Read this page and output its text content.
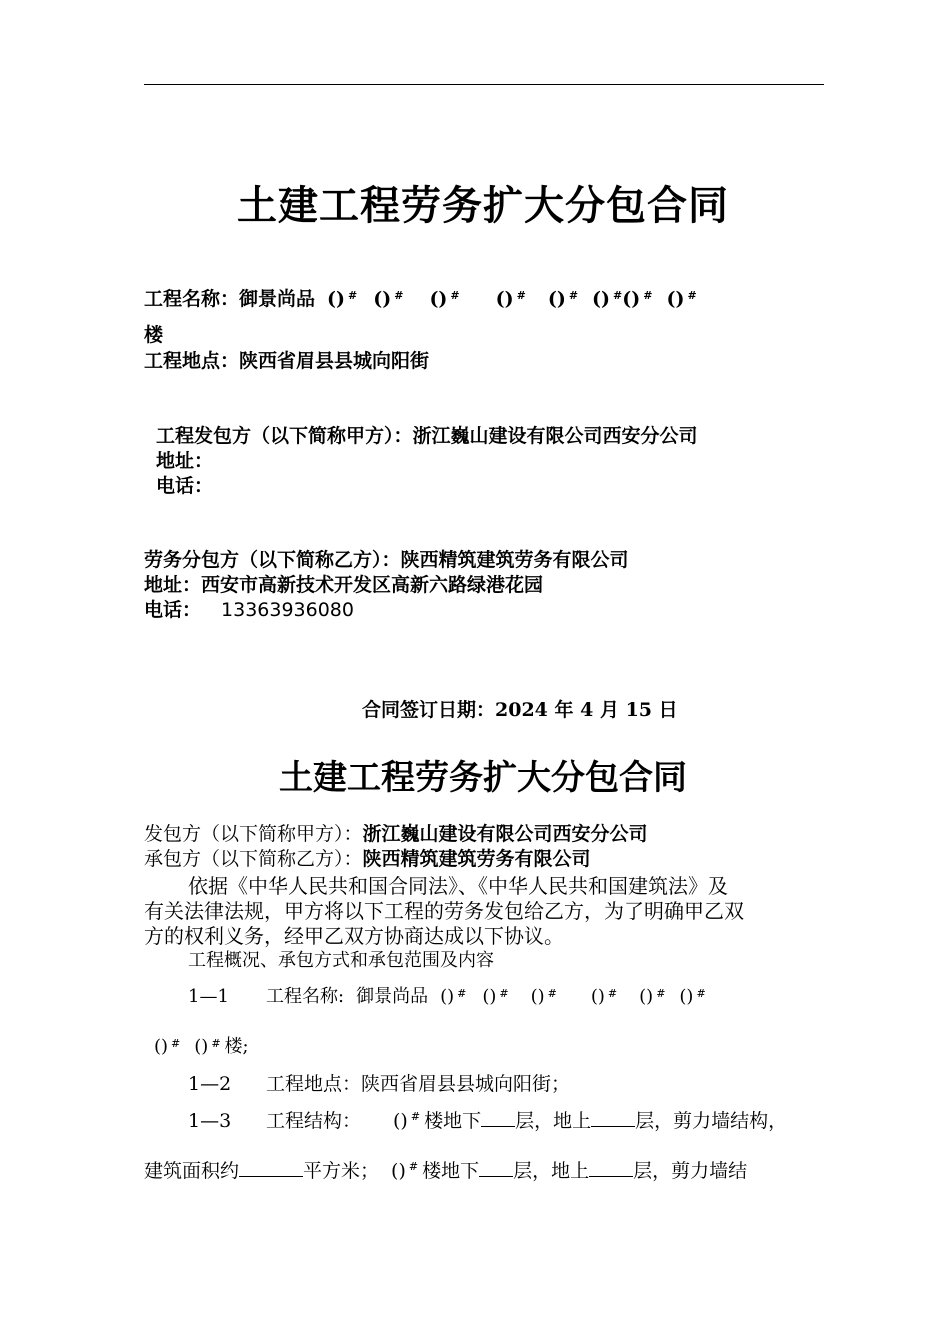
土建工程劳务扩大分包合同
工程名称：御景尚品 () # () # () # () # () # () #() # () #
楼
工程地点：陕西省眉县县城向阳街
工程发包方（以下简称甲方）：浙江巍山建设有限公司西安分公司
地址：
电话：
劳务分包方（以下简称乙方）：陕西精筑建筑劳务有限公司
地址：西安市高新技术开发区高新六路绿港花园
电话： 13363936080
合同签订日期：2024 年 4 月 15 日
土建工程劳务扩大分包合同
发包方（以下简称甲方）：浙江巍山建设有限公司西安分公司
承包方（以下简称乙方）：陕西精筑建筑劳务有限公司
依据《中华人民共和国合同法》、《中华人民共和国建筑法》及
有关法律法规，甲方将以下工程的劳务发包给乙方，为了明确甲乙双
方的权利义务，经甲乙双方协商达成以下协议。
工程概况、承包方式和承包范围及内容
1—1 工程名称: 御景尚品 () # () # () # () # () # () #
() # () # 楼;
1—2 工程地点：陕西省眉县县城向阳街；
1—3 工程结构： () # 楼地下 层，地上 层，剪力墙结构，
建筑面积约	平方米； () # 楼地下 层，地上 层，剪力墙结
